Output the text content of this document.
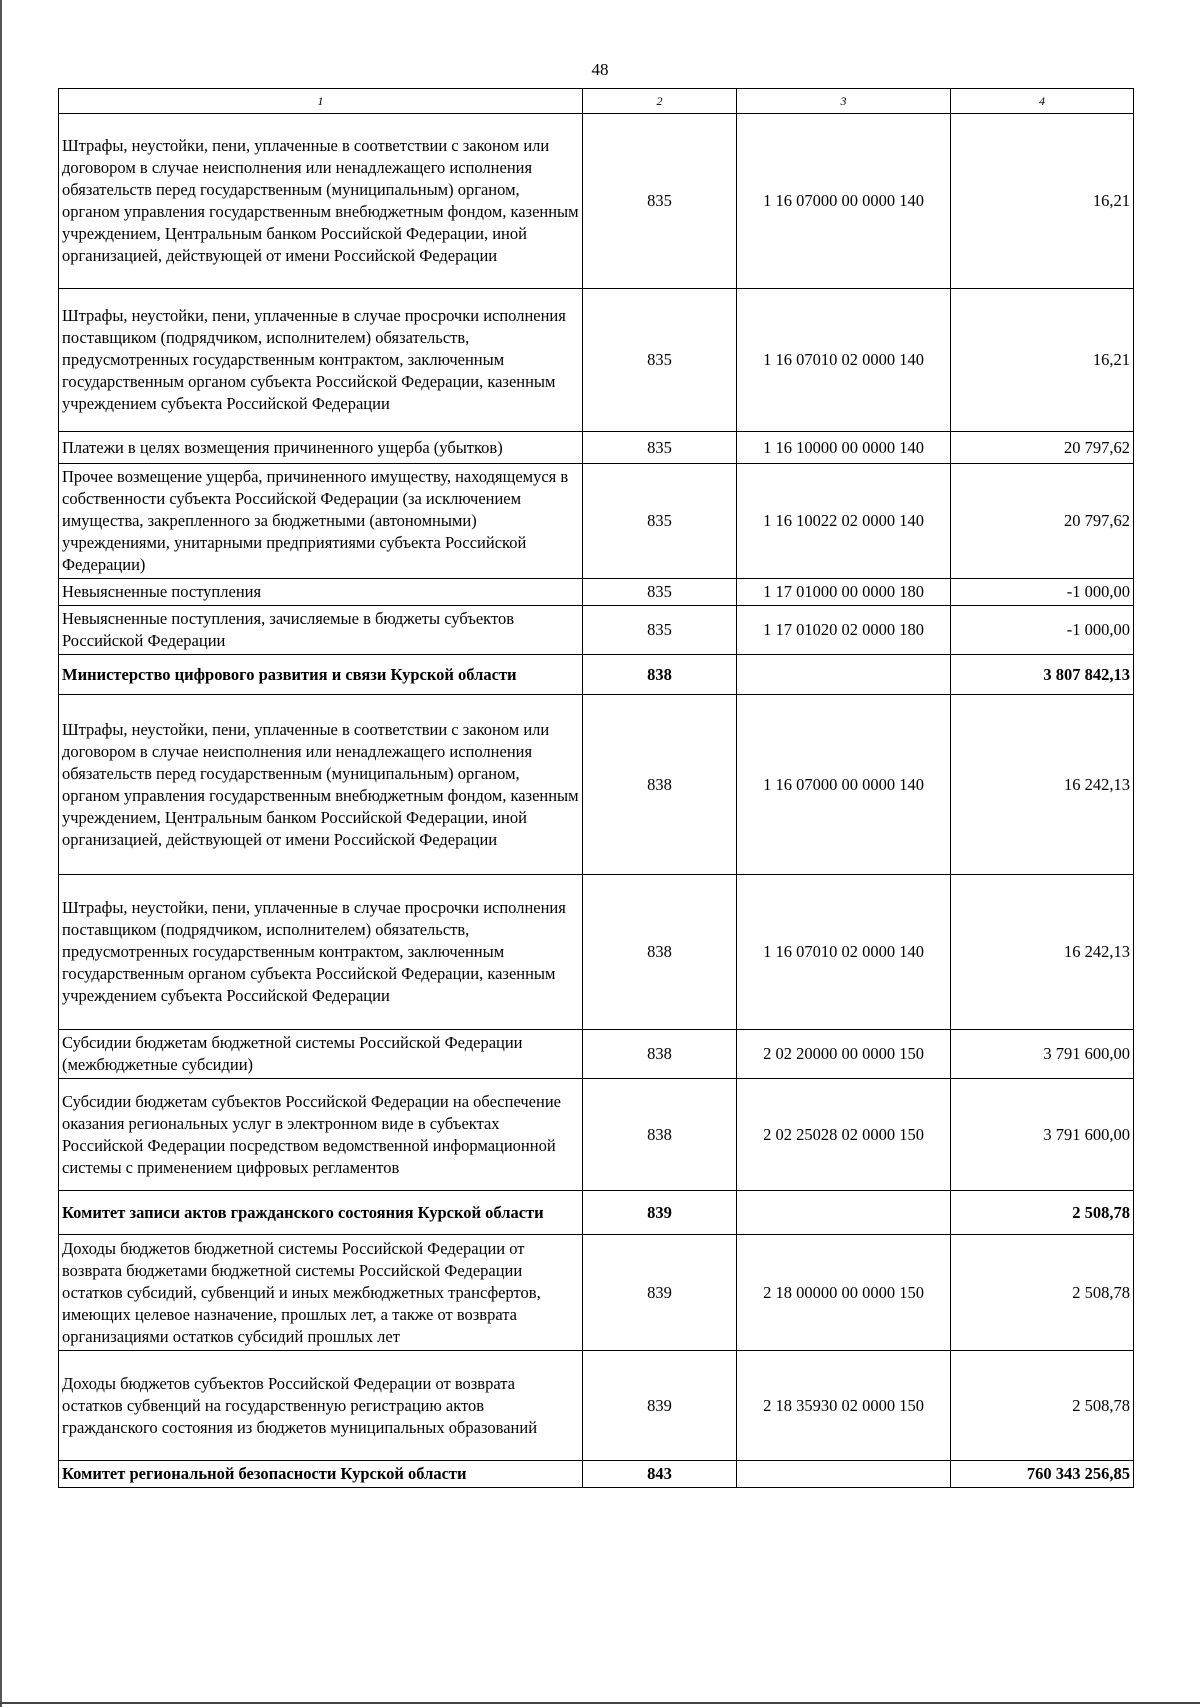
48
1	2	3	4
Штрафы, неустойки, пени, уплаченные в соответствии с законом или договором в случае неисполнения или ненадлежащего исполнения обязательств перед государственным (муниципальным) органом, органом управления государственным внебюджетным фондом, казенным учреждением, Центральным банком Российской Федерации, иной организацией, действующей от имени Российской Федерации	835	1 16 07000 00 0000 140	16,21
Штрафы, неустойки, пени, уплаченные в случае просрочки исполнения поставщиком (подрядчиком, исполнителем) обязательств, предусмотренных государственным контрактом, заключенным государственным органом субъекта Российской Федерации, казенным учреждением субъекта Российской Федерации	835	1 16 07010 02 0000 140	16,21
Платежи в целях возмещения причиненного ущерба (убытков)	835	1 16 10000 00 0000 140	20 797,62
Прочее возмещение ущерба, причиненного имуществу, находящемуся в собственности субъекта Российской Федерации (за исключением имущества, закрепленного за бюджетными (автономными) учреждениями, унитарными предприятиями субъекта Российской Федерации)	835	1 16 10022 02 0000 140	20 797,62
Невыясненные поступления	835	1 17 01000 00 0000 180	-1 000,00
Невыясненные поступления, зачисляемые в бюджеты субъектов Российской Федерации	835	1 17 01020 02 0000 180	-1 000,00
Министерство цифрового развития и связи Курской области	838		3 807 842,13
Штрафы, неустойки, пени, уплаченные в соответствии с законом или договором в случае неисполнения или ненадлежащего исполнения обязательств перед государственным (муниципальным) органом, органом управления государственным внебюджетным фондом, казенным учреждением, Центральным банком Российской Федерации, иной организацией, действующей от имени Российской Федерации	838	1 16 07000 00 0000 140	16 242,13
Штрафы, неустойки, пени, уплаченные в случае просрочки исполнения поставщиком (подрядчиком, исполнителем) обязательств, предусмотренных государственным контрактом, заключенным государственным органом субъекта Российской Федерации, казенным учреждением субъекта Российской Федерации	838	1 16 07010 02 0000 140	16 242,13
Субсидии бюджетам бюджетной системы Российской Федерации (межбюджетные субсидии)	838	2 02 20000 00 0000 150	3 791 600,00
Субсидии бюджетам субъектов Российской Федерации на обеспечение оказания региональных услуг в электронном виде в субъектах Российской Федерации посредством ведомственной информационной системы с применением цифровых регламентов	838	2 02 25028 02 0000 150	3 791 600,00
Комитет записи актов гражданского состояния Курской области	839		2 508,78
Доходы бюджетов бюджетной системы Российской Федерации от возврата бюджетами бюджетной системы Российской Федерации остатков субсидий, субвенций и иных межбюджетных трансфертов, имеющих целевое назначение, прошлых лет, а также от возврата организациями остатков субсидий прошлых лет	839	2 18 00000 00 0000 150	2 508,78
Доходы бюджетов субъектов Российской Федерации от возврата остатков субвенций на государственную регистрацию актов гражданского состояния из бюджетов муниципальных образований	839	2 18 35930 02 0000 150	2 508,78
Комитет региональной безопасности Курской области	843		760 343 256,85
